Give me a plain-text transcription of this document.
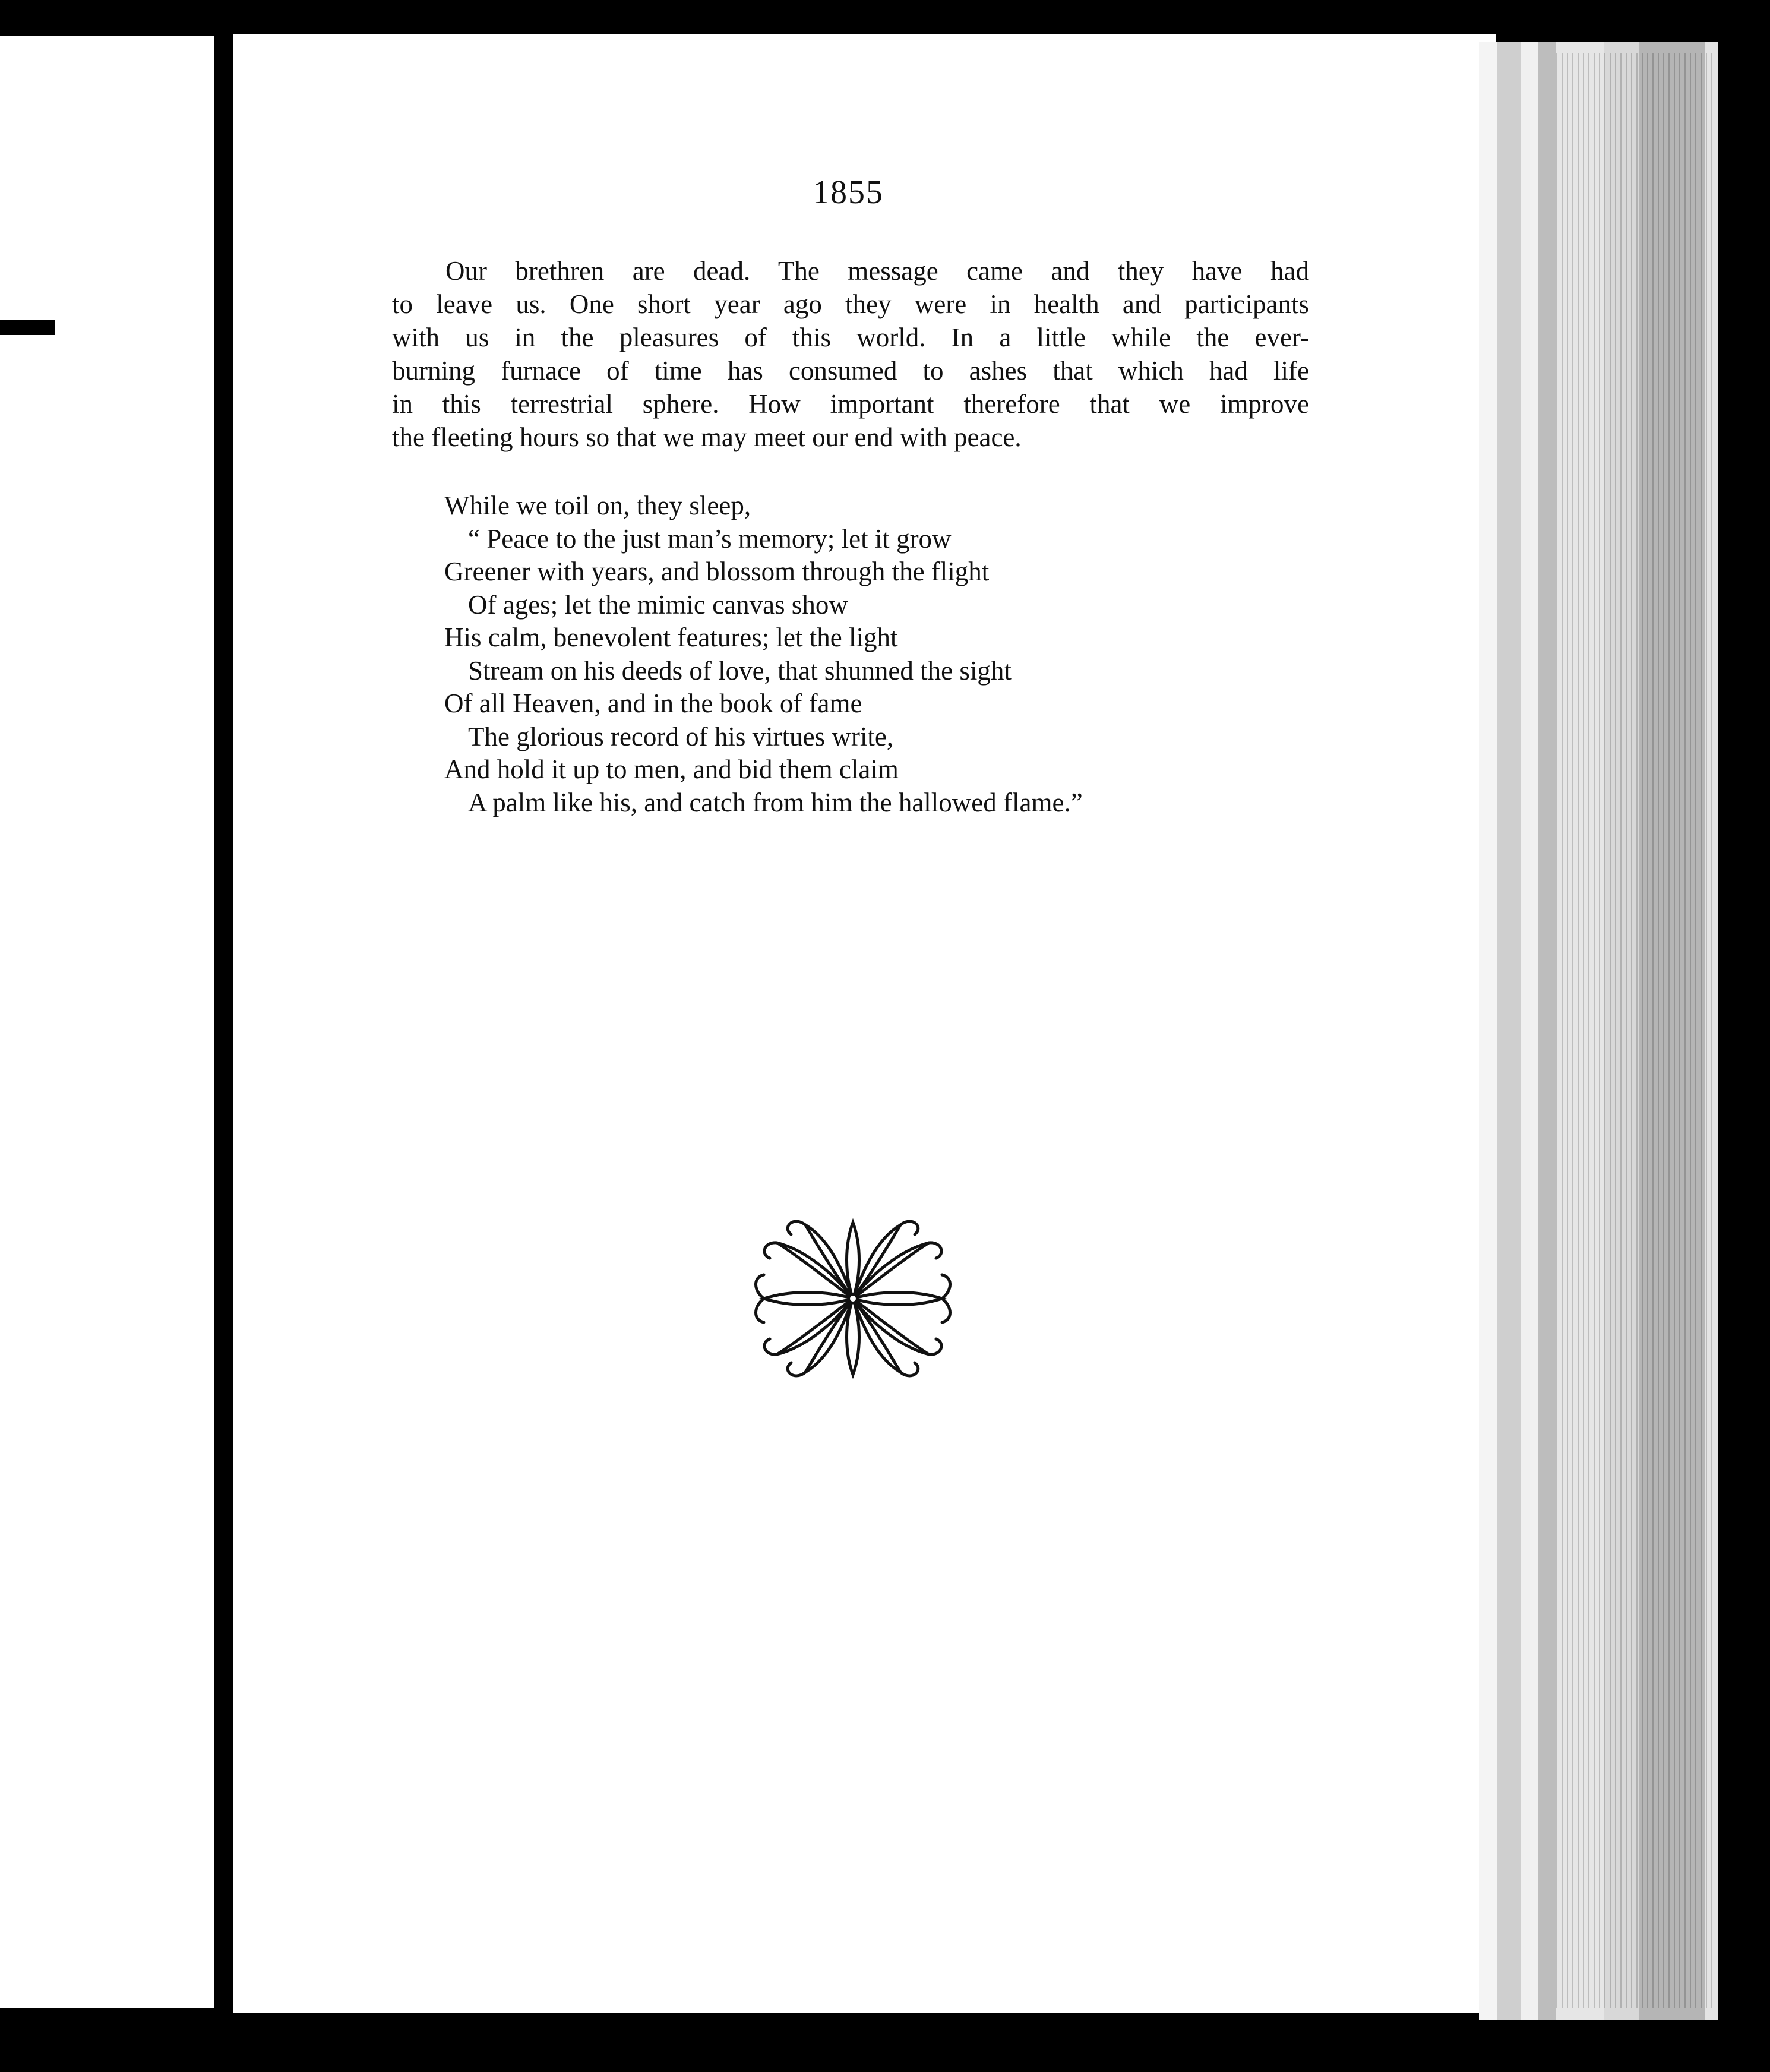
1855
Our brethren are dead. The message came and they have had
to leave us. One short year ago they were in health and participants
with us in the pleasures of this world. In a little while the ever-
burning furnace of time has consumed to ashes that which had life
in this terrestrial sphere. How important therefore that we improve
the fleeting hours so that we may meet our end with peace.
While we toil on, they sleep,
“ Peace to the just man’s memory; let it grow
Greener with years, and blossom through the flight
Of ages; let the mimic canvas show
His calm, benevolent features; let the light
Stream on his deeds of love, that shunned the sight
Of all Heaven, and in the book of fame
The glorious record of his virtues write,
And hold it up to men, and bid them claim
A palm like his, and catch from him the hallowed flame.”
